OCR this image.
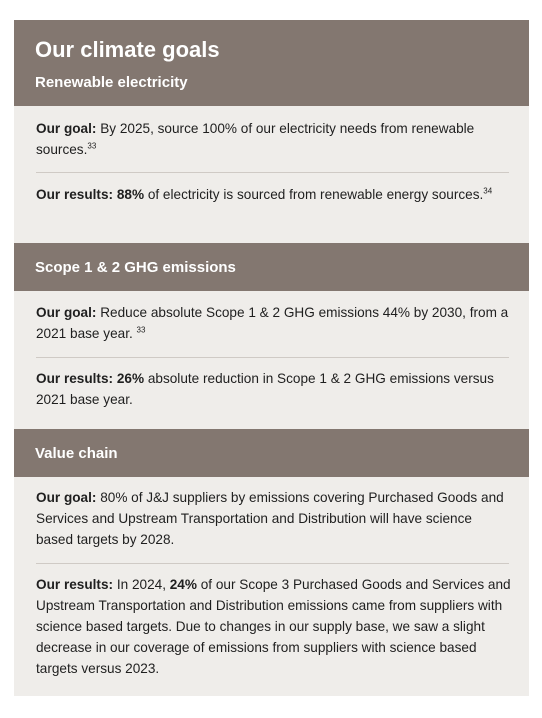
Our climate goals
Renewable electricity
Our goal: By 2025, source 100% of our electricity needs from renewable sources.$^{33}$
Our results: 88% of electricity is sourced from renewable energy sources.$^{34}$
Scope 1 & 2 GHG emissions
Our goal: Reduce absolute Scope 1 & 2 GHG emissions 44% by 2030, from a 2021 base year. $^{33}$
Our results: 26% absolute reduction in Scope 1 & 2 GHG emissions versus 2021 base year.
Value chain
Our goal: 80% of J&J suppliers by emissions covering Purchased Goods and Services and Upstream Transportation and Distribution will have science based targets by 2028.
Our results: In 2024, 24% of our Scope 3 Purchased Goods and Services and Upstream Transportation and Distribution emissions came from suppliers with science based targets. Due to changes in our supply base, we saw a slight decrease in our coverage of emissions from suppliers with science based targets versus 2023.
